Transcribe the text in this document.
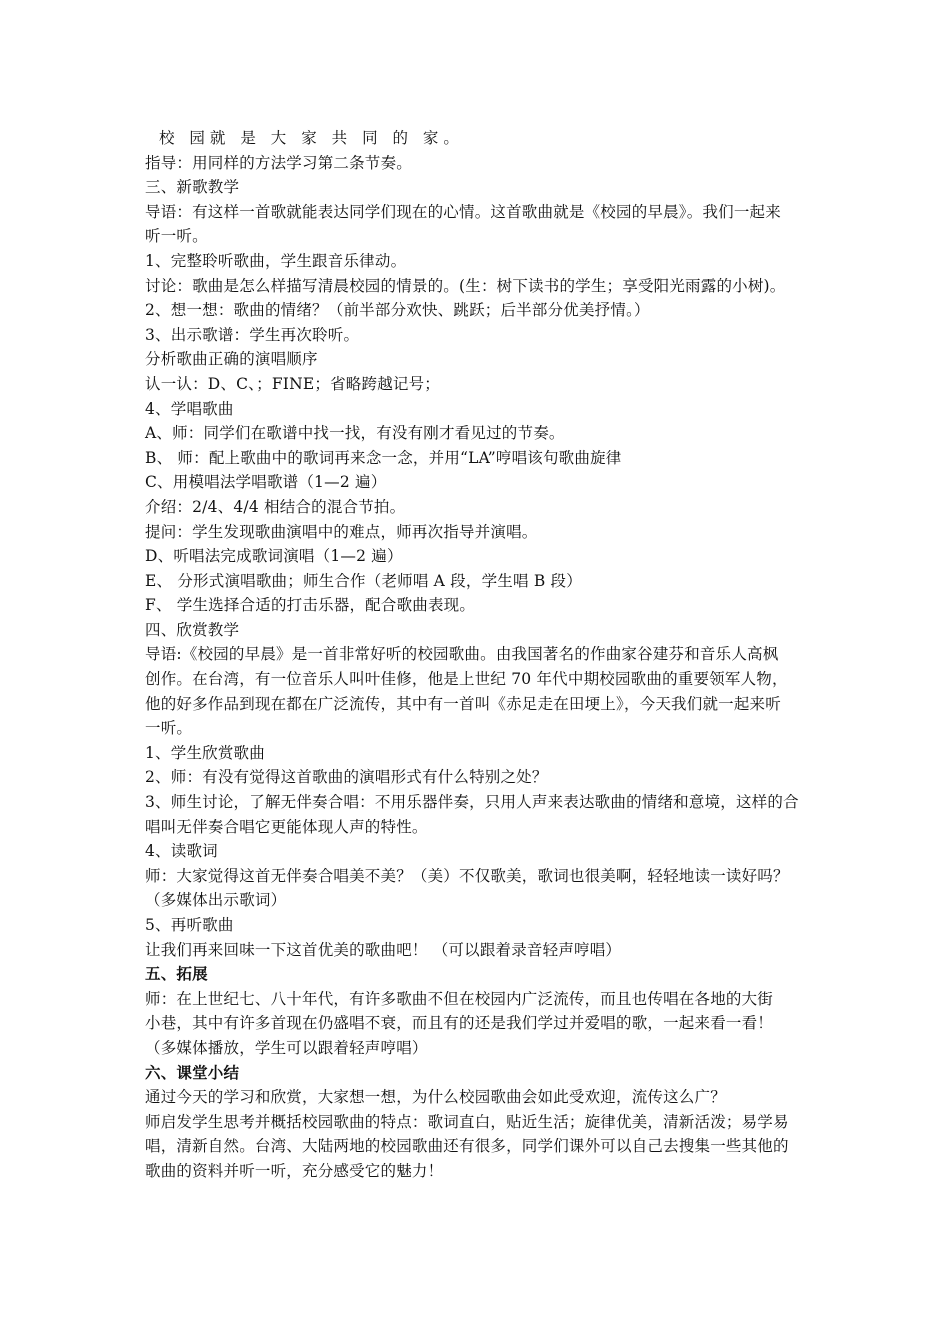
校 园就 是 大 家 共 同 的 家。
指导：用同样的方法学习第二条节奏。
三、新歌教学
导语：有这样一首歌就能表达同学们现在的心情。这首歌曲就是《校园的早晨》。我们一起来
听一听。
1、完整聆听歌曲，学生跟音乐律动。
讨论：歌曲是怎么样描写清晨校园的情景的。(生：树下读书的学生；享受阳光雨露的小树)。
2、想一想：歌曲的情绪？（前半部分欢快、跳跃；后半部分优美抒情。）
3、出示歌谱：学生再次聆听。
分析歌曲正确的演唱顺序
认一认：D、C、；FINE；省略跨越记号；
4、学唱歌曲
A、师：同学们在歌谱中找一找，有没有刚才看见过的节奏。
B、 师：配上歌曲中的歌词再来念一念，并用“LA”哼唱该句歌曲旋律
C、用模唱法学唱歌谱（1—2 遍）
介绍：2/4、4/4 相结合的混合节拍。
提问：学生发现歌曲演唱中的难点，师再次指导并演唱。
D、听唱法完成歌词演唱（1—2 遍）
E、 分形式演唱歌曲；师生合作（老师唱 A 段，学生唱 B 段）
F、 学生选择合适的打击乐器，配合歌曲表现。
四、欣赏教学
导语:《校园的早晨》是一首非常好听的校园歌曲。由我国著名的作曲家谷建芬和音乐人高枫
创作。在台湾，有一位音乐人叫叶佳修，他是上世纪 70 年代中期校园歌曲的重要领军人物，
他的好多作品到现在都在广泛流传，其中有一首叫《赤足走在田埂上》，今天我们就一起来听
一听。
1、学生欣赏歌曲
2、师：有没有觉得这首歌曲的演唱形式有什么特别之处？
3、师生讨论，了解无伴奏合唱：不用乐器伴奏，只用人声来表达歌曲的情绪和意境，这样的合
唱叫无伴奏合唱它更能体现人声的特性。
4、读歌词
师：大家觉得这首无伴奏合唱美不美？（美）不仅歌美，歌词也很美啊，轻轻地读一读好吗？
（多媒体出示歌词）
5、再听歌曲
让我们再来回味一下这首优美的歌曲吧！ （可以跟着录音轻声哼唱）
五、拓展
师：在上世纪七、八十年代，有许多歌曲不但在校园内广泛流传，而且也传唱在各地的大街
小巷，其中有许多首现在仍盛唱不衰，而且有的还是我们学过并爱唱的歌，一起来看一看！
（多媒体播放，学生可以跟着轻声哼唱）
六、课堂小结
通过今天的学习和欣赏，大家想一想，为什么校园歌曲会如此受欢迎，流传这么广？
师启发学生思考并概括校园歌曲的特点：歌词直白，贴近生活；旋律优美，清新活泼；易学易
唱，清新自然。台湾、大陆两地的校园歌曲还有很多，同学们课外可以自己去搜集一些其他的
歌曲的资料并听一听，充分感受它的魅力！
